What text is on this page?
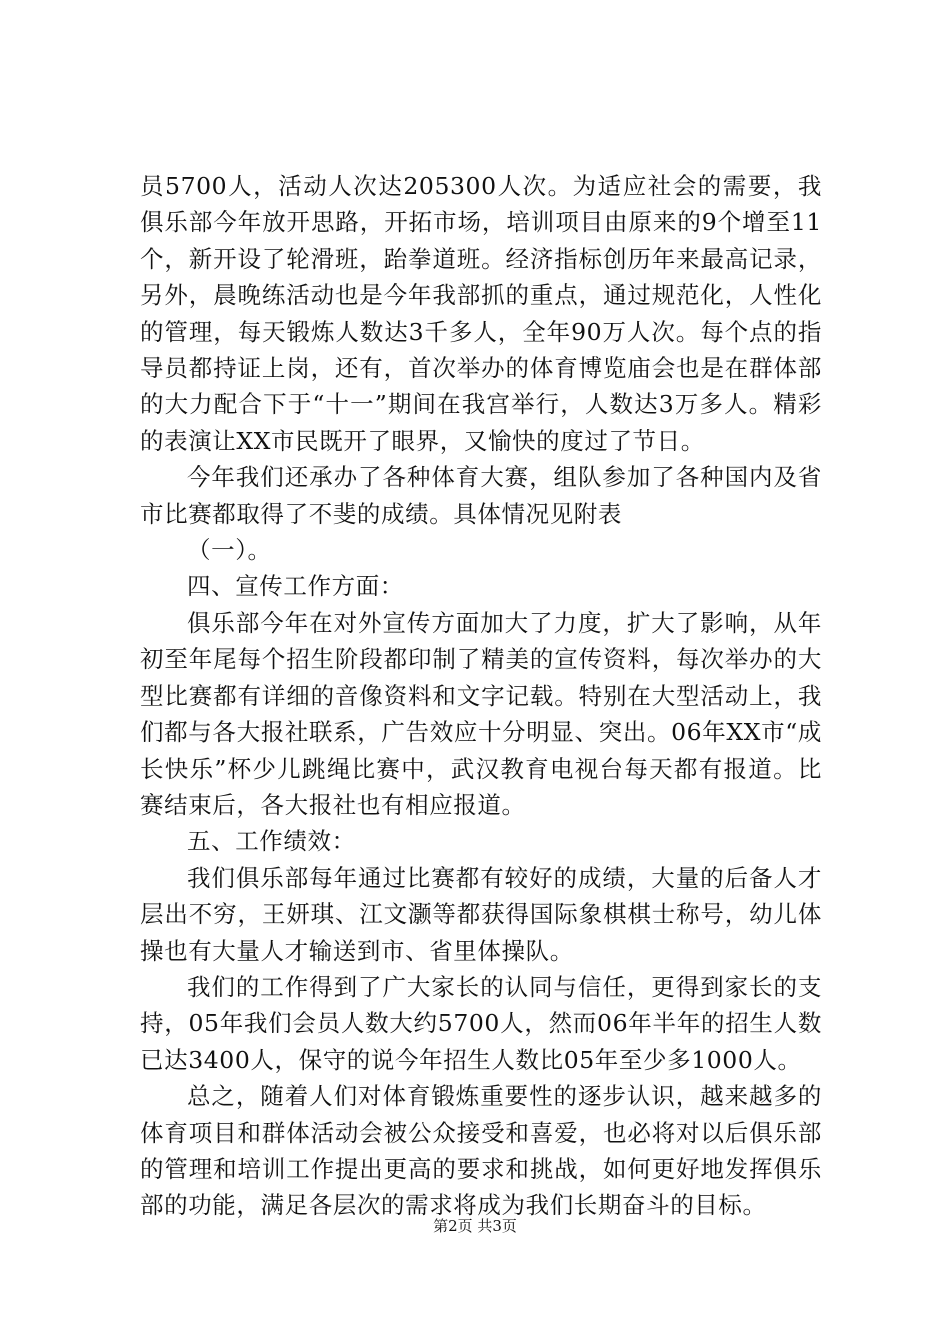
员5700人，活动人次达205300人次。为适应社会的需要，我俱乐部今年放开思路，开拓市场，培训项目由原来的9个增至11个，新开设了轮滑班，跆拳道班。经济指标创历年来最高记录，另外，晨晚练活动也是今年我部抓的重点，通过规范化，人性化的管理，每天锻炼人数达3千多人，全年90万人次。每个点的指导员都持证上岗，还有，首次举办的体育博览庙会也是在群体部的大力配合下于“十一”期间在我宫举行，人数达3万多人。精彩的表演让XX市民既开了眼界，又愉快的度过了节日。

今年我们还承办了各种体育大赛，组队参加了各种国内及省市比赛都取得了不斐的成绩。具体情况见附表

（一）。

四、宣传工作方面：

俱乐部今年在对外宣传方面加大了力度，扩大了影响，从年初至年尾每个招生阶段都印制了精美的宣传资料，每次举办的大型比赛都有详细的音像资料和文字记载。特别在大型活动上，我们都与各大报社联系，广告效应十分明显、突出。06年XX市“成长快乐”杯少儿跳绳比赛中，武汉教育电视台每天都有报道。比赛结束后，各大报社也有相应报道。

五、工作绩效：

我们俱乐部每年通过比赛都有较好的成绩，大量的后备人才层出不穷，王妍琪、江文灏等都获得国际象棋棋士称号，幼儿体操也有大量人才输送到市、省里体操队。

我们的工作得到了广大家长的认同与信任，更得到家长的支持，05年我们会员人数大约5700人，然而06年半年的招生人数已达3400人，保守的说今年招生人数比05年至少多1000人。

总之，随着人们对体育锻炼重要性的逐步认识，越来越多的体育项目和群体活动会被公众接受和喜爱，也必将对以后俱乐部的管理和培训工作提出更高的要求和挑战，如何更好地发挥俱乐部的功能，满足各层次的需求将成为我们长期奋斗的目标。

第2页 共3页
